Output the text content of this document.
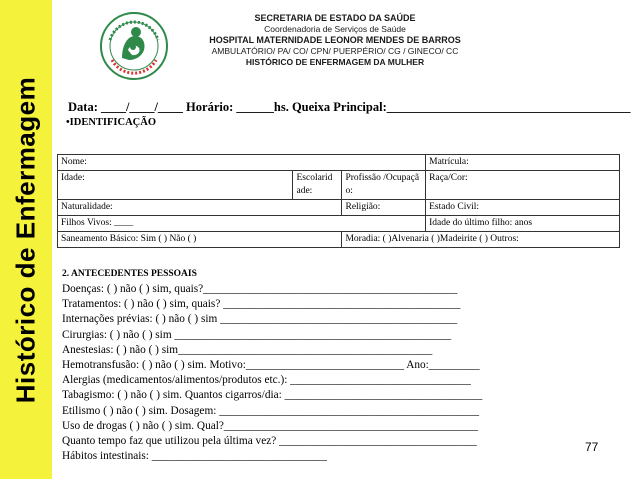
Histórico de Enfermagem
SECRETARIA DE ESTADO DA SAÚDE
Coordenadoria de Serviços de Saúde
HOSPITAL MATERNIDADE LEONOR MENDES DE BARROS
AMBULATÓRIO/ PA/ CO/ CPN/ PUERPÉRIO/ CG / GINECO/ CC
HISTÓRICO DE ENFERMAGEM DA MULHER
Data: ____/____/____ Horário: ______hs. Queixa Principal:_______________________________________
•IDENTIFICAÇÃO
Nome:			Matrícula:
Idade:	Escolarid ade:	Profissão /Ocupaçã o:	Raça/Cor:
Naturalidade:		Religião:	Estado Civil:
Filhos Vivos: ____			Idade do último filho: anos
Saneamento Básico: Sim ( ) Não ( )		Moradia: ( )Alvenaria ( )Madeirite ( ) Outros:	
2. ANTECEDENTES PESSOAIS
Doenças: ( ) não ( ) sim, quais?_____________________________________________
Tratamentos: ( ) não ( ) sim, quais? __________________________________________
Internações prévias: ( ) não ( ) sim __________________________________________
Cirurgias: ( ) não ( ) sim _________________________________________________
Anestesias: ( ) não ( ) sim_____________________________________________
Hemotransfusão: ( ) não ( ) sim. Motivo:____________________________ Ano:_________
Alergias (medicamentos/alimentos/produtos etc.): ________________________________
Tabagismo: ( ) não ( ) sim. Quantos cigarros/dia: ___________________________________
Etilismo ( ) não ( ) sim. Dosagem: ______________________________________________
Uso de drogas ( ) não ( ) sim. Qual?_____________________________________________
Quanto tempo faz que utilizou pela última vez? ___________________________________
Hábitos intestinais: _______________________________
77
